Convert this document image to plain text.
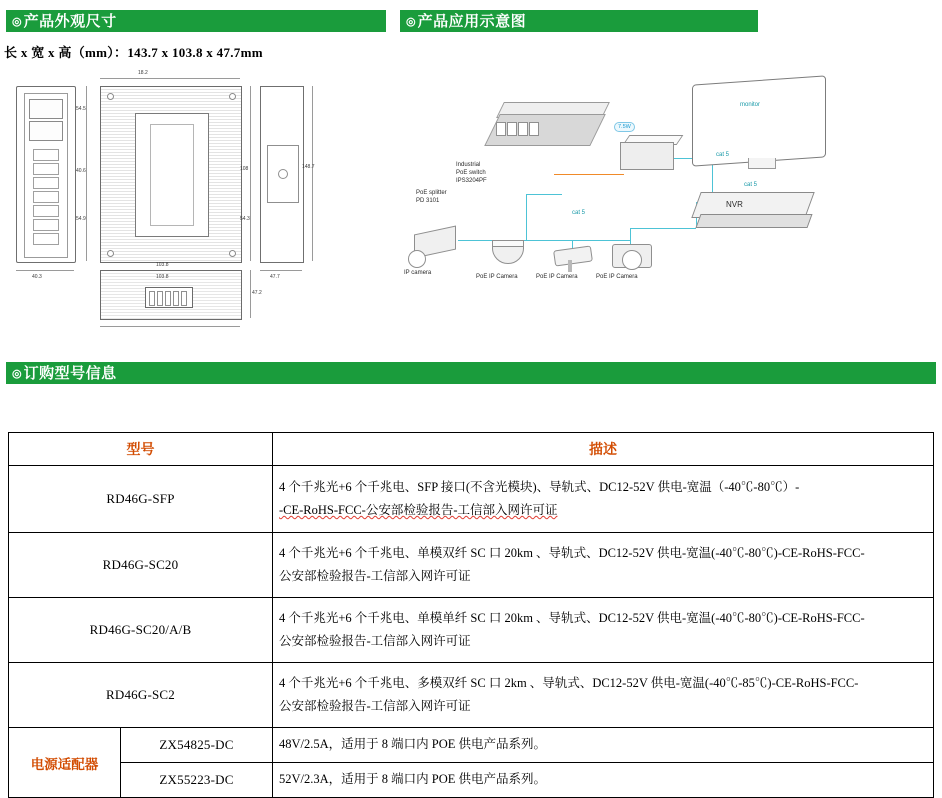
◎ 产品外观尺寸	◎ 产品应用示意图
长 x 宽 x 高（mm）：143.7 x 103.8 x 47.7mm
18.2
54.5
40.6	108	148.7
54.9	54.3
40.3	103.8	47.7
47.2
103.8
Industrial
PoE switch
IPS3204PF
PoE splitter
PD 3101
7.5W
monitor
NVR
cat 5
cat 5
cat 5
IP camera
PoE IP Camera	PoE IP Camera	PoE IP Camera
◎ 订购型号信息
型号		描述
RD46G-SFP		4 个千兆光+6 个千兆电、SFP 接口(不含光模块)、导轨式、DC12-52V 供电-宽温（-40℃-80℃）-
-CE-RoHS-FCC-公安部检验报告-工信部入网许可证

RD46G-SC20		4 个千兆光+6 个千兆电、单模双纤 SC 口 20km 、导轨式、DC12-52V 供电-宽温(-40℃-80℃)-CE-RoHS-FCC-
公安部检验报告-工信部入网许可证

RD46G-SC20/A/B		4 个千兆光+6 个千兆电、单模单纤 SC 口 20km 、导轨式、DC12-52V 供电-宽温(-40℃-80℃)-CE-RoHS-FCC-
公安部检验报告-工信部入网许可证

RD46G-SC2		4 个千兆光+6 个千兆电、多模双纤 SC 口 2km 、导轨式、DC12-52V 供电-宽温(-40℃-85℃)-CE-RoHS-FCC-
公安部检验报告-工信部入网许可证

电源适配器	ZX54825-DC	48V/2.5A，适用于 8 端口内 POE 供电产品系列。
	ZX55223-DC	52V/2.3A，适用于 8 端口内 POE 供电产品系列。
